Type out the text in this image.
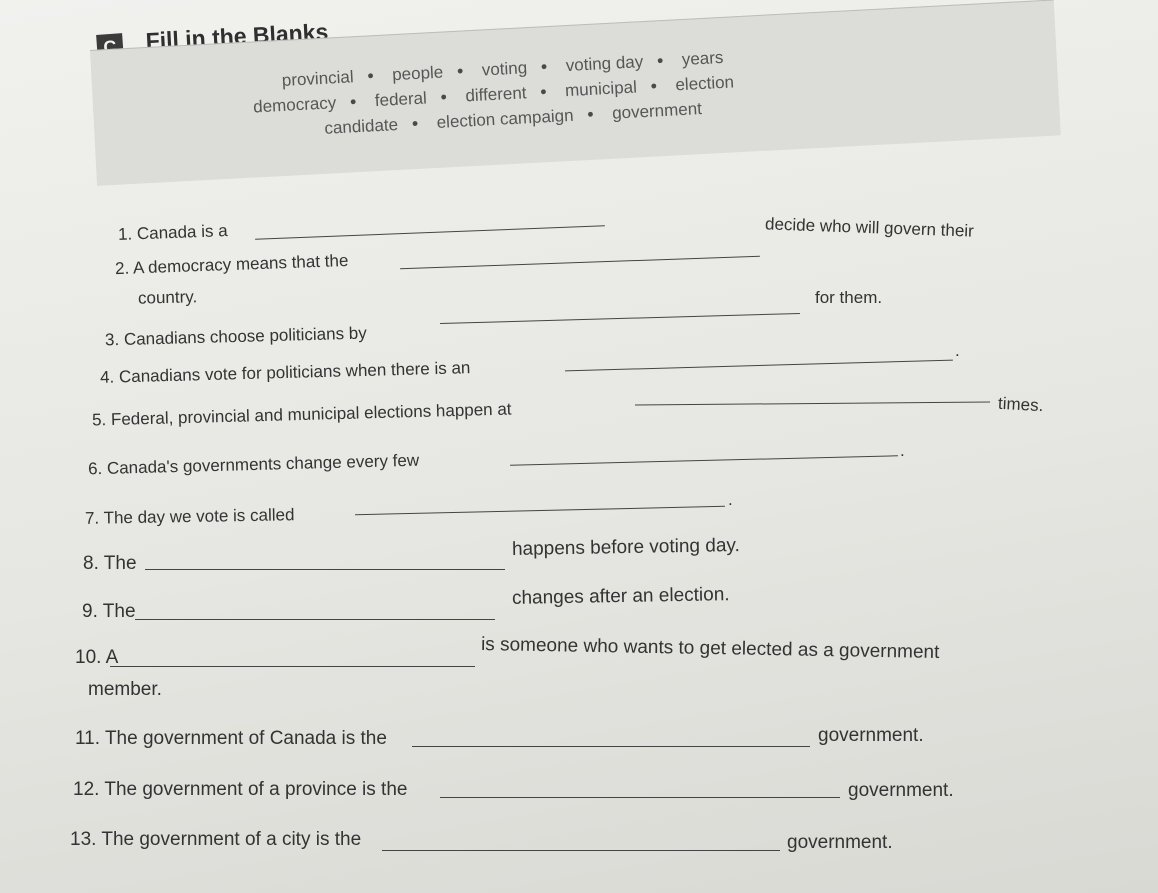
C Fill in the Blanks
provincial • people • voting • voting day • years
democracy • federal • different • municipal • election
candidate • election campaign • government
1. Canada is a
2. A democracy means that the
decide who will govern their
country.	for them.
3. Canadians choose politicians by
4. Canadians vote for politicians when there is an
.
5. Federal, provincial and municipal elections happen at	times.
6. Canada's governments change every few
.
7. The day we vote is called
.
8. The
happens before voting day.
9. The
changes after an election.
10. A	is someone who wants to get elected as a government
member.
11. The government of Canada is the	government.
12. The government of a province is the	government.
13. The government of a city is the	government.
